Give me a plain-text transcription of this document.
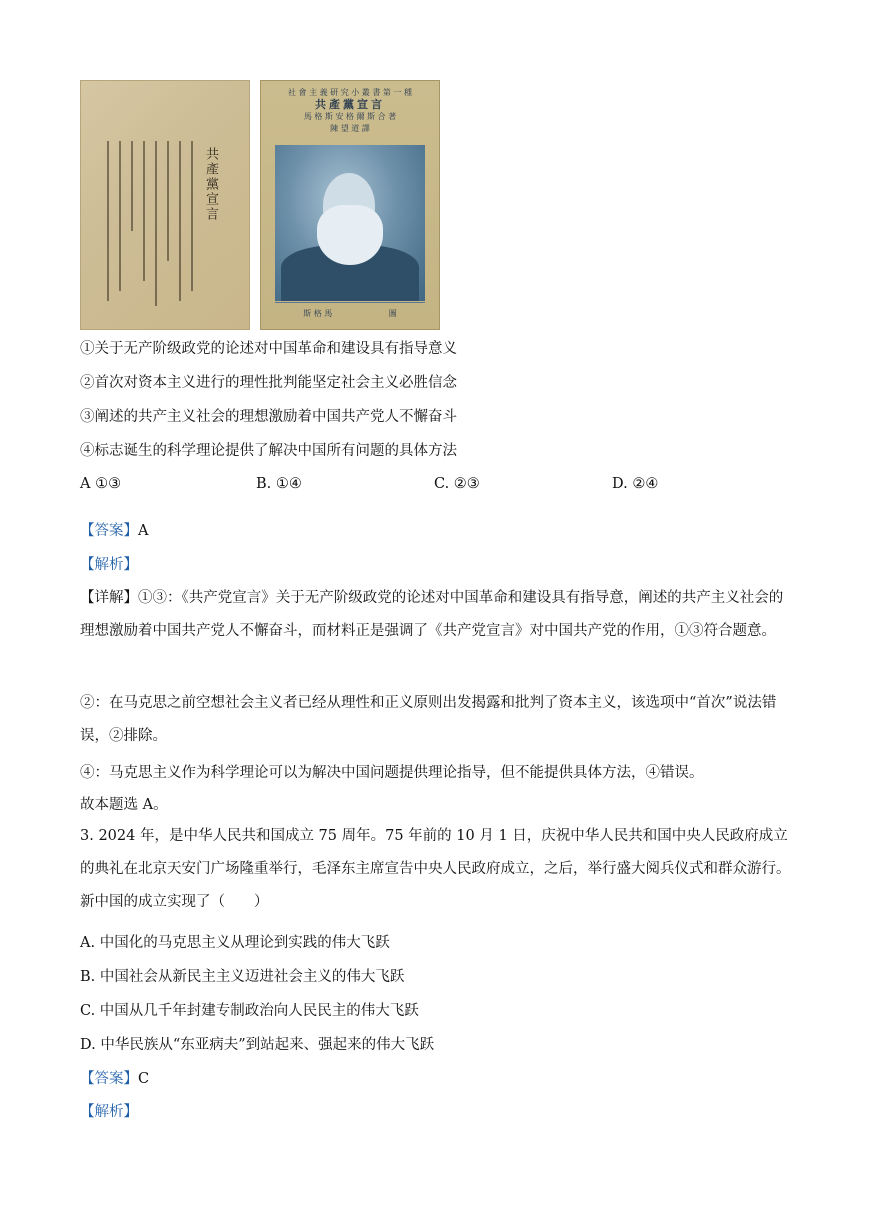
共產黨宣言
社 會 主 義 研 究 小 叢 書 第 一 種
共產黨宣言
馬 格 斯 安 格 爾 斯 合 著
陳 望 道 譯
斯 格 馬	圖
①关于无产阶级政党的论述对中国革命和建设具有指导意义
②首次对资本主义进行的理性批判能坚定社会主义必胜信念
③阐述的共产主义社会的理想激励着中国共产党人不懈奋斗
④标志诞生的科学理论提供了解决中国所有问题的具体方法
A ①③	B. ①④	C. ②③	D. ②④
【答案】A
【解析】
【详解】①③：《共产党宣言》关于无产阶级政党的论述对中国革命和建设具有指导意，阐述的共产主义社会的理想激励着中国共产党人不懈奋斗，而材料正是强调了《共产党宣言》对中国共产党的作用，①③符合题意。
②：在马克思之前空想社会主义者已经从理性和正义原则出发揭露和批判了资本主义，该选项中“首次”说法错误，②排除。
④：马克思主义作为科学理论可以为解决中国问题提供理论指导，但不能提供具体方法，④错误。
故本题选 A。
3. 2024 年，是中华人民共和国成立 75 周年。75 年前的 10 月 1 日，庆祝中华人民共和国中央人民政府成立的典礼在北京天安门广场隆重举行，毛泽东主席宣告中央人民政府成立，之后，举行盛大阅兵仪式和群众游行。新中国的成立实现了（　　）
A. 中国化的马克思主义从理论到实践的伟大飞跃
B. 中国社会从新民主主义迈进社会主义的伟大飞跃
C. 中国从几千年封建专制政治向人民民主的伟大飞跃
D. 中华民族从“东亚病夫”到站起来、强起来的伟大飞跃
【答案】C
【解析】
